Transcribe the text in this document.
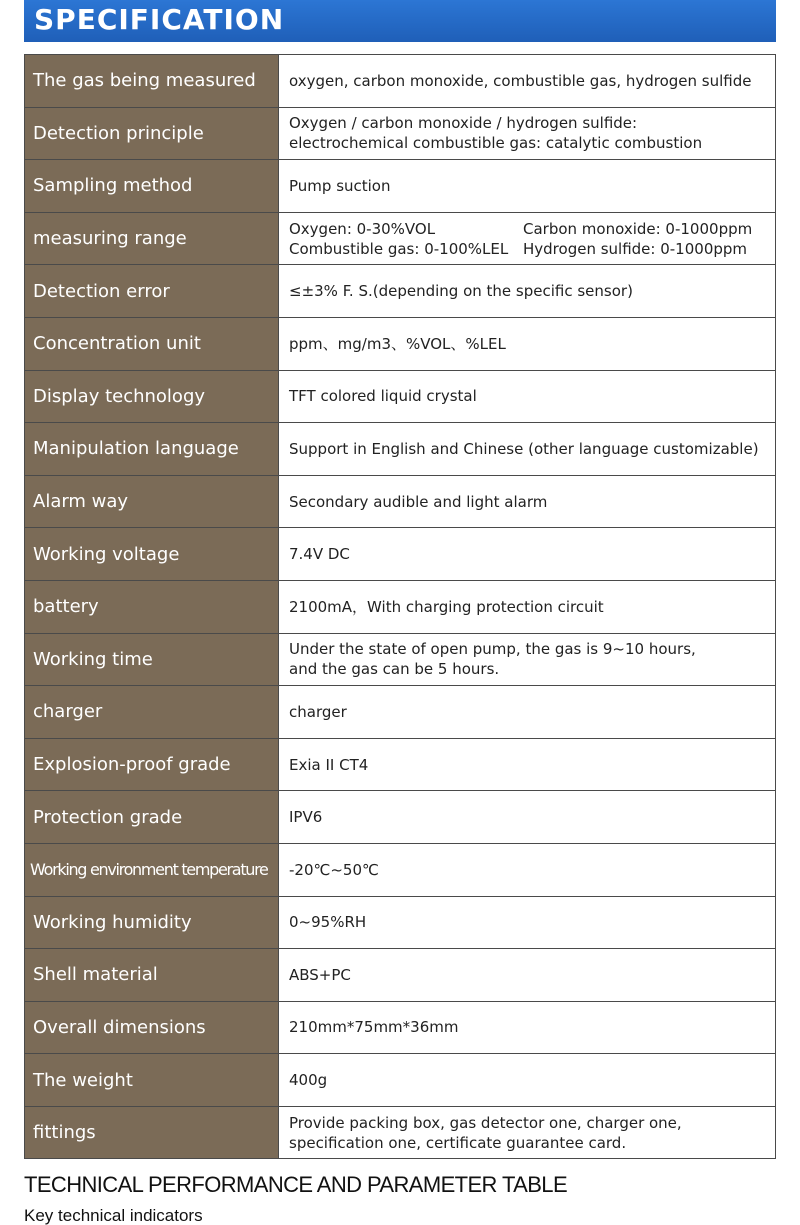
SPECIFICATION
The gas being measured	oxygen, carbon monoxide, combustible gas, hydrogen sulfide

Detection principle	Oxygen / carbon monoxide / hydrogen sulfide:
electrochemical combustible gas: catalytic combustion

Sampling method	Pump suction

measuring range	Oxygen: 0-30%VOL Carbon monoxide: 0-1000ppm
Combustible gas: 0-100%LEL Hydrogen sulfide: 0-1000ppm

Detection error	≤±3% F. S.(depending on the specific sensor)

Concentration unit	ppm、mg/m3、%VOL、%LEL

Display technology	TFT colored liquid crystal

Manipulation language	Support in English and Chinese (other language customizable)

Alarm way	Secondary audible and light alarm

Working voltage	7.4V DC

battery	2100mA，With charging protection circuit

Working time	Under the state of open pump, the gas is 9~10 hours,
and the gas can be 5 hours.

charger	charger

Explosion-proof grade	Exia II CT4

Protection grade	IPV6

Working environment temperature	-20℃~50℃

Working humidity	0~95%RH

Shell material	ABS+PC

Overall dimensions	210mm*75mm*36mm

The weight	400g

fittings	Provide packing box, gas detector one, charger one,
specification one, certificate guarantee card.
TECHNICAL PERFORMANCE AND PARAMETER TABLE
Key technical indicators
